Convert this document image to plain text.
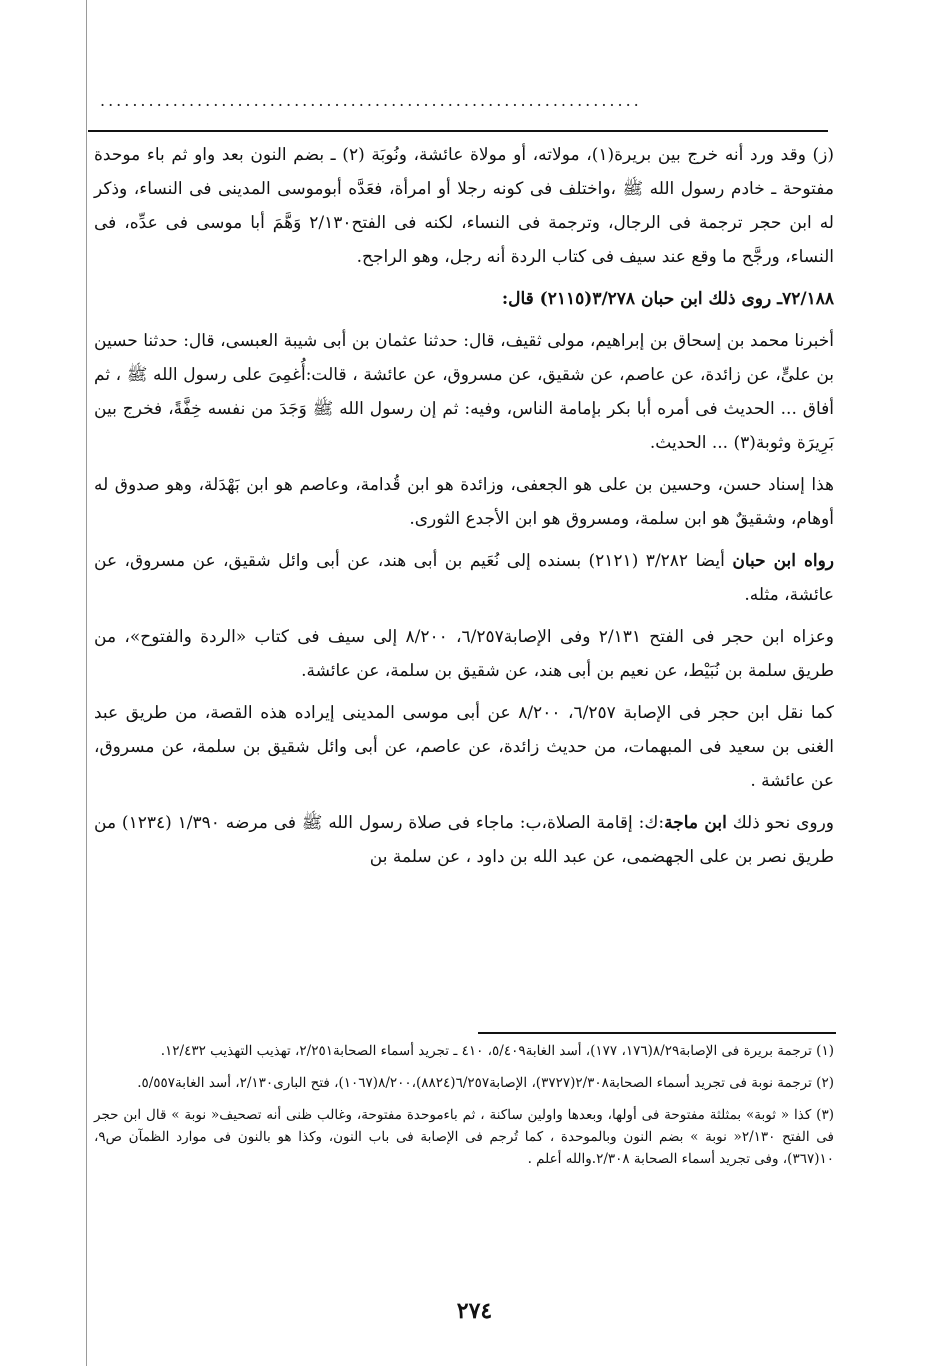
...................................................................

(ز) وقد ورد أنه خرج بين بريرة(١)، مولاته، أو مولاة عائشة، ونُوبَة (٢) ـ بضم النون بعد واو ثم باء موحدة مفتوحة ـ خادم رسول الله ﷺ ،واختلف فى كونه رجلا أو امرأة، فعَدَّه أبوموسى المدينى فى النساء، وذكر له ابن حجر ترجمة فى الرجال، وترجمة فى النساء، لكنه فى الفتح٢/١٣٠ وَهَّمَ أبا موسى فى عدِّه، فى النساء، ورجَّح ما وقع عند سيف فى كتاب الردة أنه رجل، وهو الراجح.

٧٢/١٨٨ـ روى ذلك ابن حبان ٣/٢٧٨(٢١١٥) قال:

أخبرنا محمد بن إسحاق بن إبراهيم، مولى ثقيف، قال: حدثنا عثمان بن أبى شيبة العبسى، قال: حدثنا حسين بن علىٍّ، عن زائدة، عن عاصم، عن شقيق، عن مسروق، عن عائشة ، قالت:أُغمِىَ على رسول الله ﷺ ، ثم أفاق ... الحديث فى أمره أبا بكر بإمامة الناس، وفيه: ثم إن رسول الله ﷺ وَجَدَ من نفسه خِفَّةً، فخرج بين بَرِيرَة وثوبة(٣) ... الحديث.

هذا إسناد حسن، وحسين بن على هو الجعفى، وزائدة هو ابن قُدامة، وعاصم هو ابن بَهْدَلة، وهو صدوق له أوهام، وشقيقٌ هو ابن سلمة، ومسروق هو ابن الأجدع الثورى.

رواه ابن حبان أيضا ٣/٢٨٢ (٢١٢١) بسنده إلى نُعَيم بن أبى هند، عن أبى وائل شقيق، عن مسروق، عن عائشة، مثله.

وعزاه ابن حجر فى الفتح ٢/١٣١ وفى الإصابة٦/٢٥٧، ٨/٢٠٠ إلى سيف فى كتاب «الردة والفتوح»، من طريق سلمة بن نُبَيْط، عن نعيم بن أبى هند، عن شقيق بن سلمة، عن عائشة.

كما نقل ابن حجر فى الإصابة ٦/٢٥٧، ٨/٢٠٠ عن أبى موسى المدينى إيراده هذه القصة، من طريق عبد الغنى بن سعيد فى المبهمات، من حديث زائدة، عن عاصم، عن أبى وائل شقيق بن سلمة، عن مسروق، عن عائشة .

وروى نحو ذلك ابن ماجة:ك: إقامة الصلاة،ب: ماجاء فى صلاة رسول الله ﷺ فى مرضه ١/٣٩٠ (١٢٣٤) من طريق نصر بن على الجهضمى، عن عبد الله بن داود ، عن سلمة بن

(١) ترجمة بريرة فى الإصابة٨/٢٩(١٧٦، ١٧٧)، أسد الغابة٥/٤٠٩، ٤١٠ ـ تجريد أسماء الصحابة٢/٢٥١، تهذيب التهذيب ١٢/٤٣٢.

(٢) ترجمة نوبة فى تجريد أسماء الصحابة٢/٣٠٨(٣٧٢٧)، الإصابة٦/٢٥٧(٨٨٢٤)،٨/٢٠٠(١٠٦٧)، فتح البارى٢/١٣٠، أسد الغابة٥/٥٥٧.

(٣) كذا « ثوبة» بمثلثة مفتوحة فى أولها، وبعدها واولين ساكنة ، ثم باءموحدة مفتوحة، وغالب ظنى أنه تصحيف« نوبة » قال ابن حجر فى الفتح ٢/١٣٠« نوبة » بضم النون وبالموحدة ، كما تُرجم فى الإصابة فى باب النون، وكذا هو بالنون فى موارد الظمآن ص٩، ١٠(٣٦٧)، وفى تجريد أسماء الصحابة ٢/٣٠٨.والله أعلم .

٢٧٤
